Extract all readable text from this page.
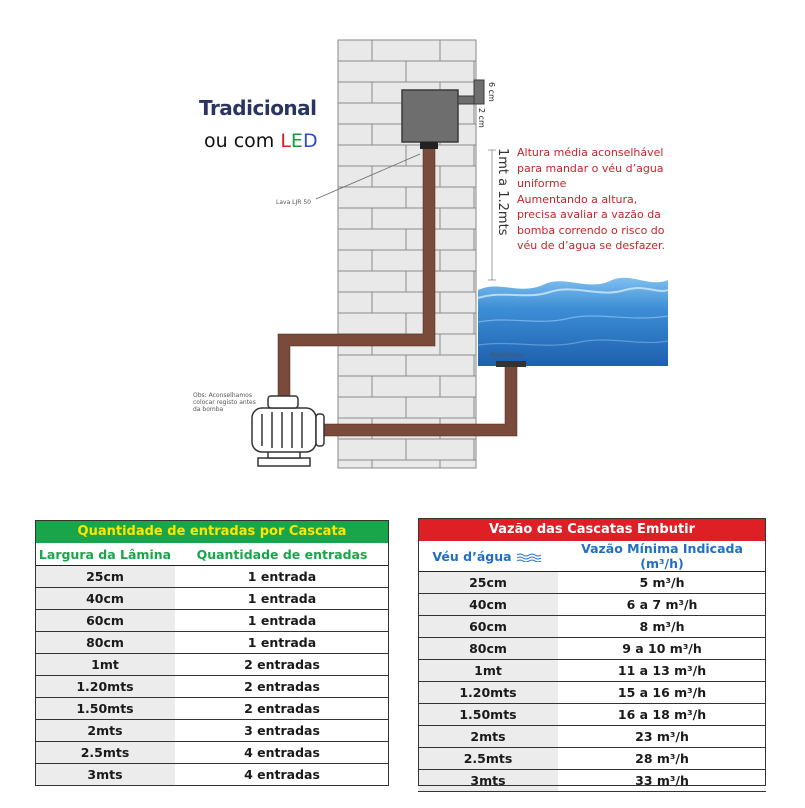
Tradicional
ou com LED
Lava LJR 50
6 cm
2 cm
1mt a 1.2mts
Ralo/Dreno
Obs: Aconselhamos
colocar registo antes
da bomba
Altura média aconselhável
para mandar o véu d’agua
uniforme
Aumentando a altura,
precisa avaliar a vazão da
bomba correndo o risco do
véu de d’agua se desfazer.
Quantidade de entradas por Cascata	
Largura da Lâmina	Quantidade de entradas
25cm	1 entrada
40cm	1 entrada
60cm	1 entrada
80cm	1 entrada
1mt	2 entradas
1.20mts	2 entradas
1.50mts	2 entradas
2mts	3 entradas
2.5mts	4 entradas
3mts	4 entradas
Vazão das Cascatas Embutir	
Véu d’água	Vazão Mínima Indicada (m³/h)
25cm	5 m³/h
40cm	6 a 7 m³/h
60cm	8 m³/h
80cm	9 a 10 m³/h
1mt	11 a 13 m³/h
1.20mts	15 a 16 m³/h
1.50mts	16 a 18 m³/h
2mts	23 m³/h
2.5mts	28 m³/h
3mts	33 m³/h
